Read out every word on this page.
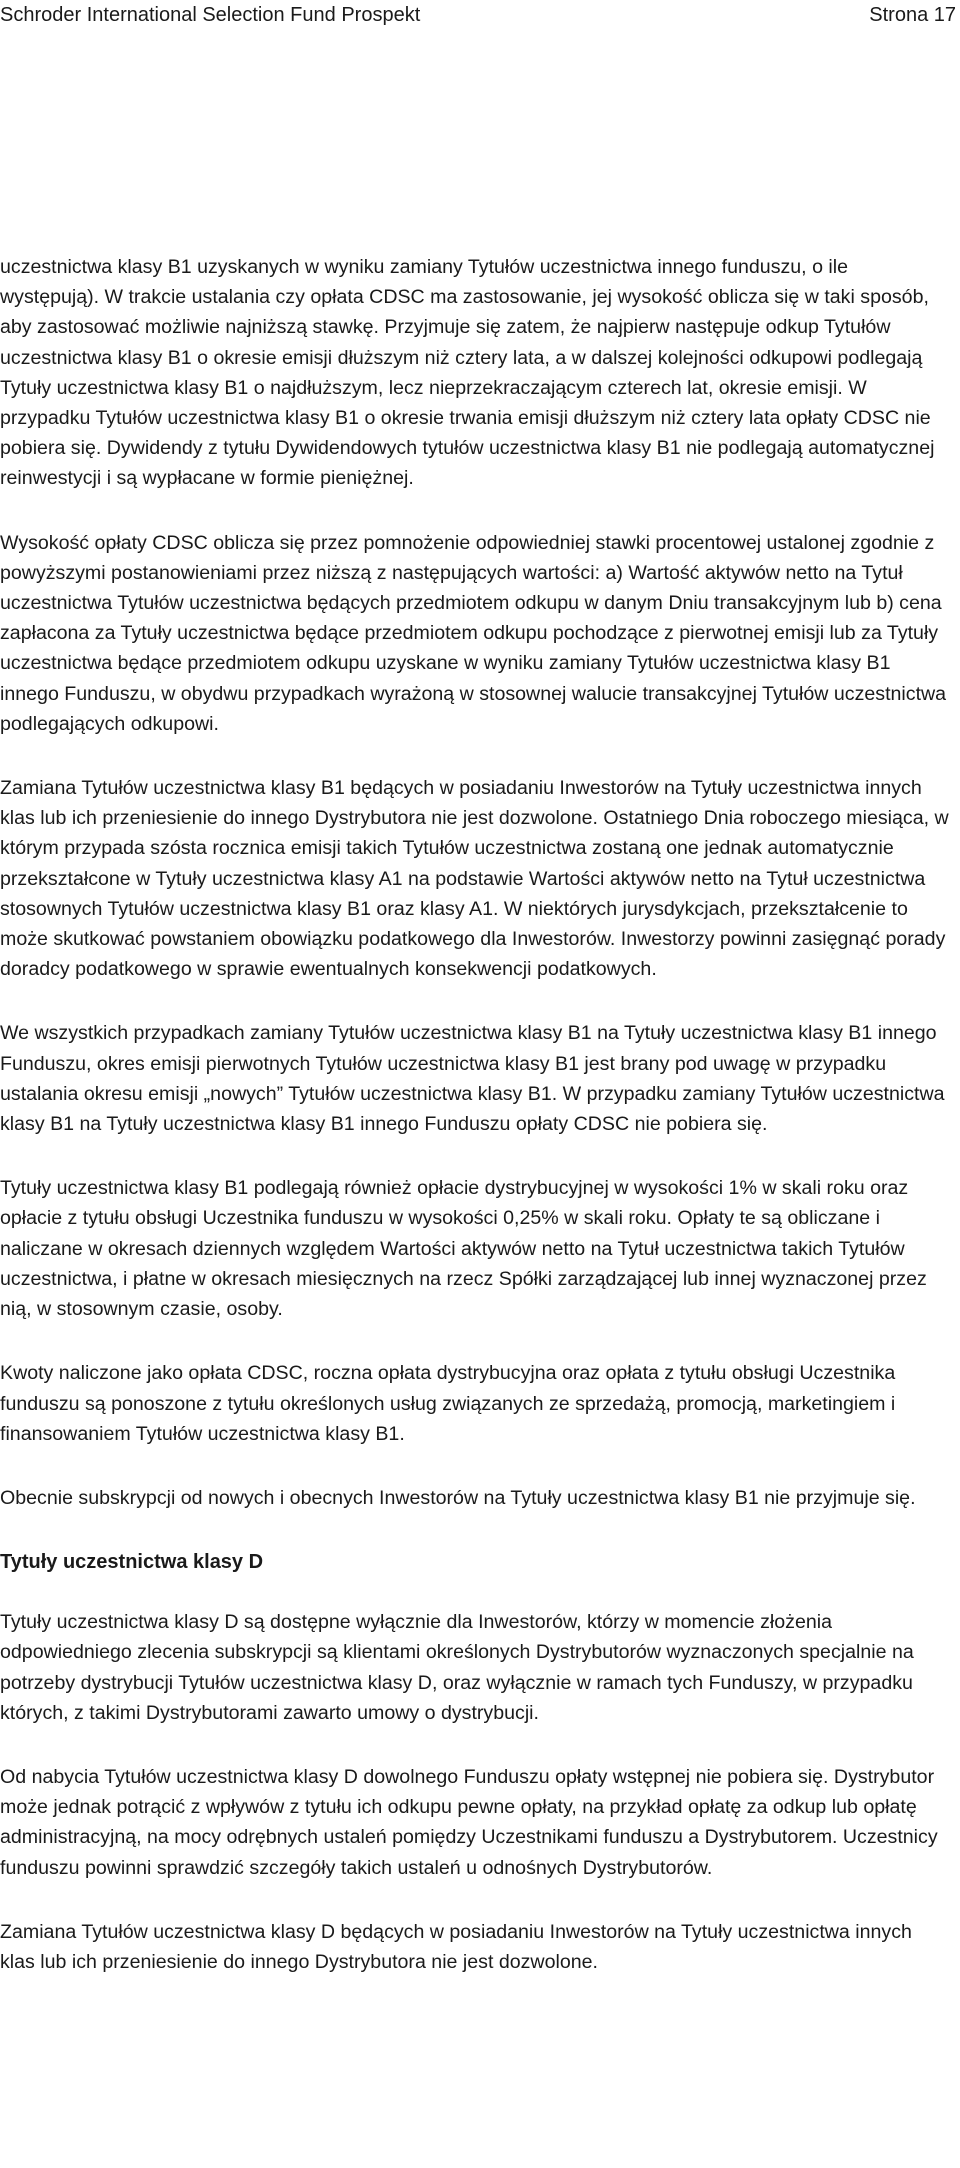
Schroder International Selection Fund Prospekt	Strona 17

uczestnictwa klasy B1 uzyskanych w wyniku zamiany Tytułów uczestnictwa innego funduszu, o ile występują). W trakcie ustalania czy opłata CDSC ma zastosowanie, jej wysokość oblicza się w taki sposób, aby zastosować możliwie najniższą stawkę. Przyjmuje się zatem, że najpierw następuje odkup Tytułów uczestnictwa klasy B1 o okresie emisji dłuższym niż cztery lata, a w dalszej kolejności odkupowi podlegają Tytuły uczestnictwa klasy B1 o najdłuższym, lecz nieprzekraczającym czterech lat, okresie emisji. W przypadku Tytułów uczestnictwa klasy B1 o okresie trwania emisji dłuższym niż cztery lata opłaty CDSC nie pobiera się. Dywidendy z tytułu Dywidendowych tytułów uczestnictwa klasy B1 nie podlegają automatycznej reinwestycji i są wypłacane w formie pieniężnej.

Wysokość opłaty CDSC oblicza się przez pomnożenie odpowiedniej stawki procentowej ustalonej zgodnie z powyższymi postanowieniami przez niższą z następujących wartości: a) Wartość aktywów netto na Tytuł uczestnictwa Tytułów uczestnictwa będących przedmiotem odkupu w danym Dniu transakcyjnym lub b) cena zapłacona za Tytuły uczestnictwa będące przedmiotem odkupu pochodzące z pierwotnej emisji lub za Tytuły uczestnictwa będące przedmiotem odkupu uzyskane w wyniku zamiany Tytułów uczestnictwa klasy B1 innego Funduszu, w obydwu przypadkach wyrażoną w stosownej walucie transakcyjnej Tytułów uczestnictwa podlegających odkupowi.

Zamiana Tytułów uczestnictwa klasy B1 będących w posiadaniu Inwestorów na Tytuły uczestnictwa innych klas lub ich przeniesienie do innego Dystrybutora nie jest dozwolone. Ostatniego Dnia roboczego miesiąca, w którym przypada szósta rocznica emisji takich Tytułów uczestnictwa zostaną one jednak automatycznie przekształcone w Tytuły uczestnictwa klasy A1 na podstawie Wartości aktywów netto na Tytuł uczestnictwa stosownych Tytułów uczestnictwa klasy B1 oraz klasy A1. W niektórych jurysdykcjach, przekształcenie to może skutkować powstaniem obowiązku podatkowego dla Inwestorów. Inwestorzy powinni zasięgnąć porady doradcy podatkowego w sprawie ewentualnych konsekwencji podatkowych.

We wszystkich przypadkach zamiany Tytułów uczestnictwa klasy B1 na Tytuły uczestnictwa klasy B1 innego Funduszu, okres emisji pierwotnych Tytułów uczestnictwa klasy B1 jest brany pod uwagę w przypadku ustalania okresu emisji „nowych” Tytułów uczestnictwa klasy B1. W przypadku zamiany Tytułów uczestnictwa klasy B1 na Tytuły uczestnictwa klasy B1 innego Funduszu opłaty CDSC nie pobiera się.

Tytuły uczestnictwa klasy B1 podlegają również opłacie dystrybucyjnej w wysokości 1% w skali roku oraz opłacie z tytułu obsługi Uczestnika funduszu w wysokości 0,25% w skali roku. Opłaty te są obliczane i naliczane w okresach dziennych względem Wartości aktywów netto na Tytuł uczestnictwa takich Tytułów uczestnictwa, i płatne w okresach miesięcznych na rzecz Spółki zarządzającej lub innej wyznaczonej przez nią, w stosownym czasie, osoby.

Kwoty naliczone jako opłata CDSC, roczna opłata dystrybucyjna oraz opłata z tytułu obsługi Uczestnika funduszu są ponoszone z tytułu określonych usług związanych ze sprzedażą, promocją, marketingiem i finansowaniem Tytułów uczestnictwa klasy B1.

Obecnie subskrypcji od nowych i obecnych Inwestorów na Tytuły uczestnictwa klasy B1 nie przyjmuje się.

Tytuły uczestnictwa klasy D

Tytuły uczestnictwa klasy D są dostępne wyłącznie dla Inwestorów, którzy w momencie złożenia odpowiedniego zlecenia subskrypcji są klientami określonych Dystrybutorów wyznaczonych specjalnie na potrzeby dystrybucji Tytułów uczestnictwa klasy D, oraz wyłącznie w ramach tych Funduszy, w przypadku których, z takimi Dystrybutorami zawarto umowy o dystrybucji.

Od nabycia Tytułów uczestnictwa klasy D dowolnego Funduszu opłaty wstępnej nie pobiera się. Dystrybutor może jednak potrącić z wpływów z tytułu ich odkupu pewne opłaty, na przykład opłatę za odkup lub opłatę administracyjną, na mocy odrębnych ustaleń pomiędzy Uczestnikami funduszu a Dystrybutorem. Uczestnicy funduszu powinni sprawdzić szczegóły takich ustaleń u odnośnych Dystrybutorów.

Zamiana Tytułów uczestnictwa klasy D będących w posiadaniu Inwestorów na Tytuły uczestnictwa innych klas lub ich przeniesienie do innego Dystrybutora nie jest dozwolone.
